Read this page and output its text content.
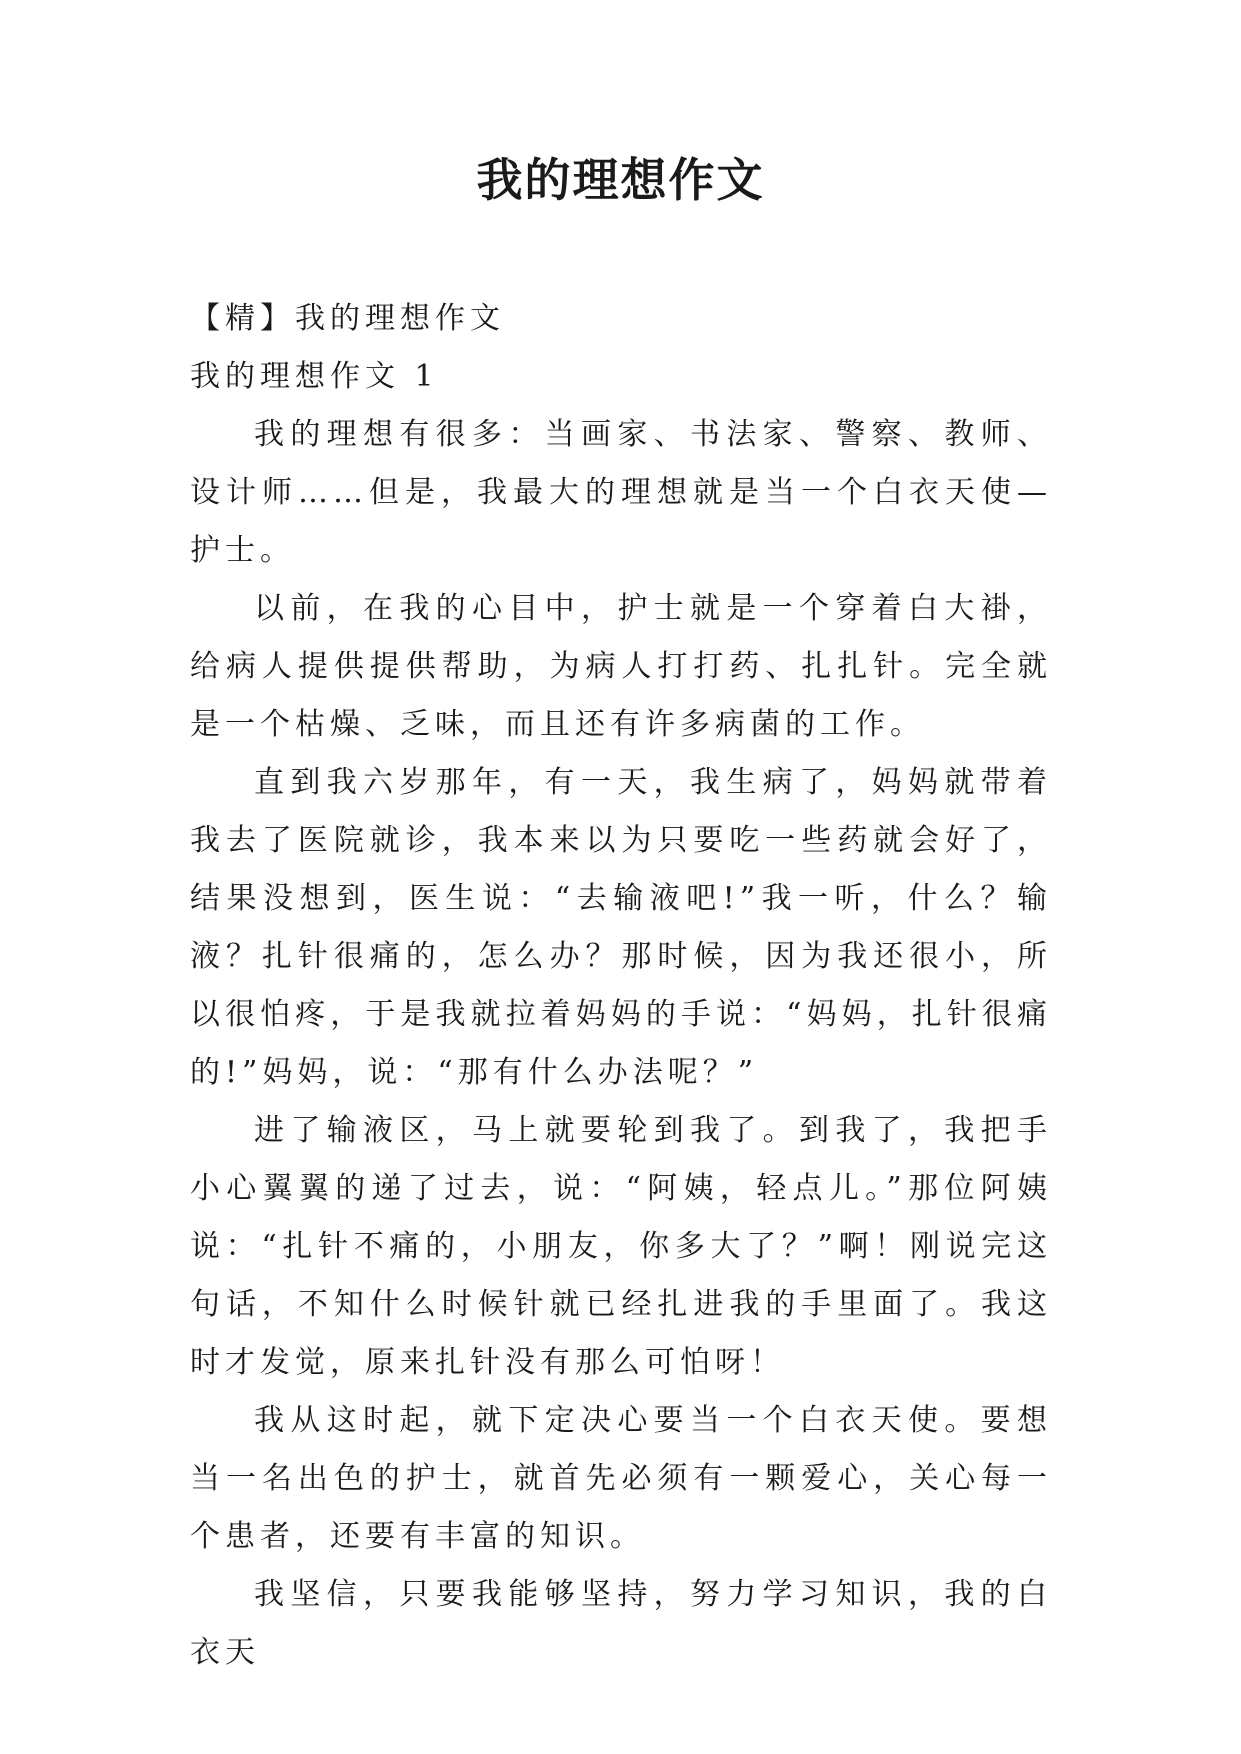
我的理想作文

【精】我的理想作文

我的理想作文 1

我的理想有很多：当画家、书法家、警察、教师、设计师……但是，我最大的理想就是当一个白衣天使—护士。

以前，在我的心目中，护士就是一个穿着白大褂，给病人提供提供帮助，为病人打打药、扎扎针。完全就是一个枯燥、乏味，而且还有许多病菌的工作。

直到我六岁那年，有一天，我生病了，妈妈就带着我去了医院就诊，我本来以为只要吃一些药就会好了，结果没想到，医生说：“去输液吧!”我一听，什么？输液？扎针很痛的，怎么办？那时候，因为我还很小，所以很怕疼，于是我就拉着妈妈的手说：“妈妈，扎针很痛的!”妈妈，说：“那有什么办法呢？”

进了输液区，马上就要轮到我了。到我了，我把手小心翼翼的递了过去，说：“阿姨，轻点儿。”那位阿姨说：“扎针不痛的，小朋友，你多大了？”啊！刚说完这句话，不知什么时候针就已经扎进我的手里面了。我这时才发觉，原来扎针没有那么可怕呀！

我从这时起，就下定决心要当一个白衣天使。要想当一名出色的护士，就首先必须有一颗爱心，关心每一个患者，还要有丰富的知识。

我坚信，只要我能够坚持，努力学习知识，我的白衣天
